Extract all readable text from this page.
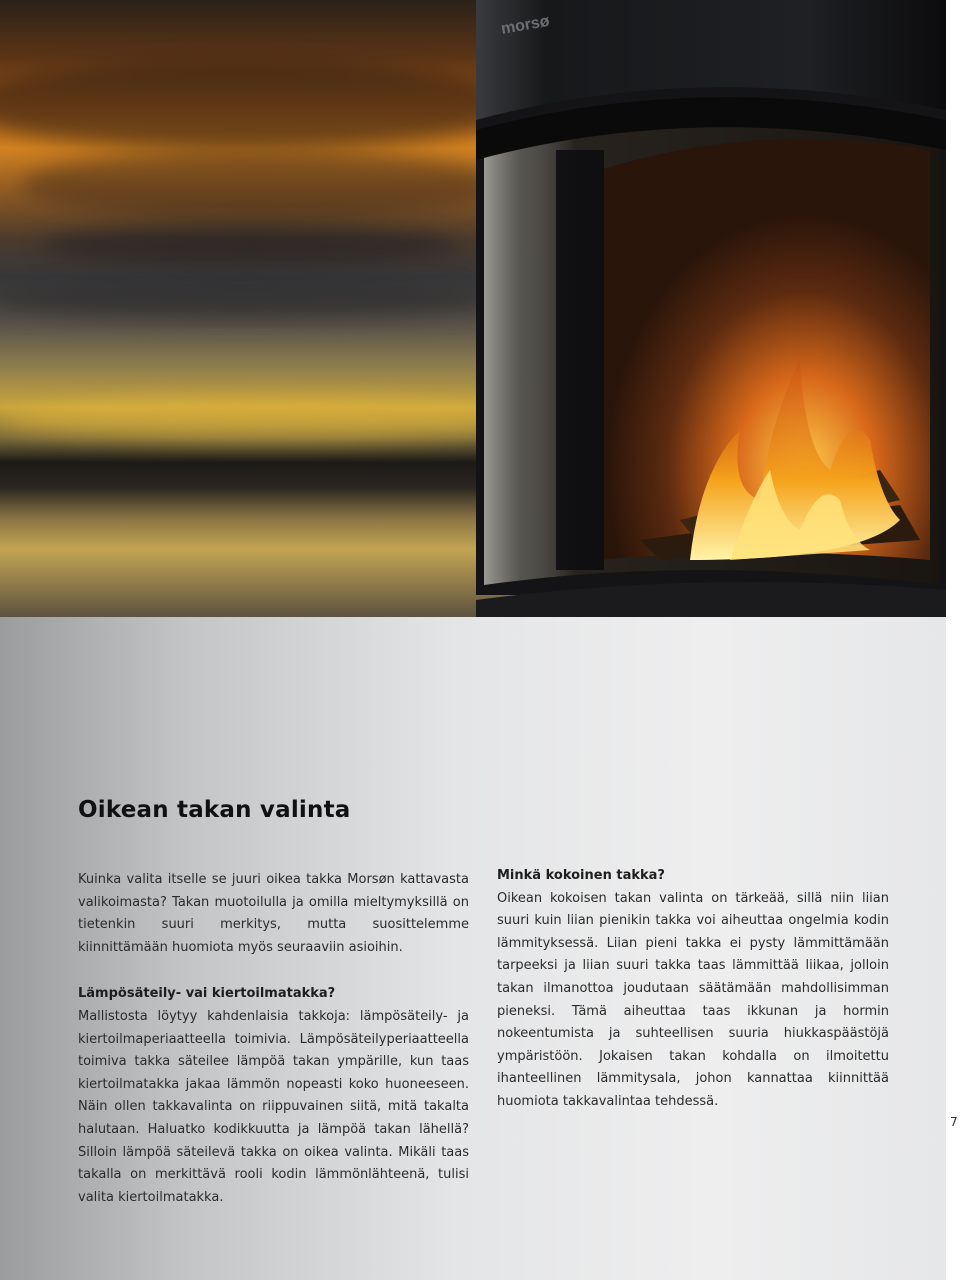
morsø
Oikean takan valinta

Kuinka valita itselle se juuri oikea takka Morsøn kattavasta valikoimasta? Takan muotoilulla ja omilla mieltymyksillä on tietenkin suuri merkitys, mutta suosittelemme kiinnittämään huomiota myös seuraaviin asioihin.

Lämpösäteily- vai kiertoilmatakka?

Mallistosta löytyy kahdenlaisia takkoja: lämpösäteily- ja kiertoilmaperiaatteella toimivia. Lämpösäteilyperiaatteella toimiva takka säteilee lämpöä takan ympärille, kun taas kiertoilmatakka jakaa lämmön nopeasti koko huoneeseen. Näin ollen takkavalinta on riippuvainen siitä, mitä takalta halutaan. Haluatko kodikkuutta ja lämpöä takan lähellä? Silloin lämpöä säteilevä takka on oikea valinta. Mikäli taas takalla on merkittävä rooli kodin lämmönlähteenä, tulisi valita kiertoilmatakka.

Minkä kokoinen takka?

Oikean kokoisen takan valinta on tärkeää, sillä niin liian suuri kuin liian pienikin takka voi aiheuttaa ongelmia kodin lämmityksessä. Liian pieni takka ei pysty lämmittämään tarpeeksi ja liian suuri takka taas lämmittää liikaa, jolloin takan ilmanottoa joudutaan säätämään mahdollisimman pieneksi. Tämä aiheuttaa taas ikkunan ja hormin nokeentumista ja suhteellisen suuria hiukkaspäästöjä ympäristöön. Jokaisen takan kohdalla on ilmoitettu ihanteellinen lämmitysala, johon kannattaa kiinnittää huomiota takkavalintaa tehdessä.

7
